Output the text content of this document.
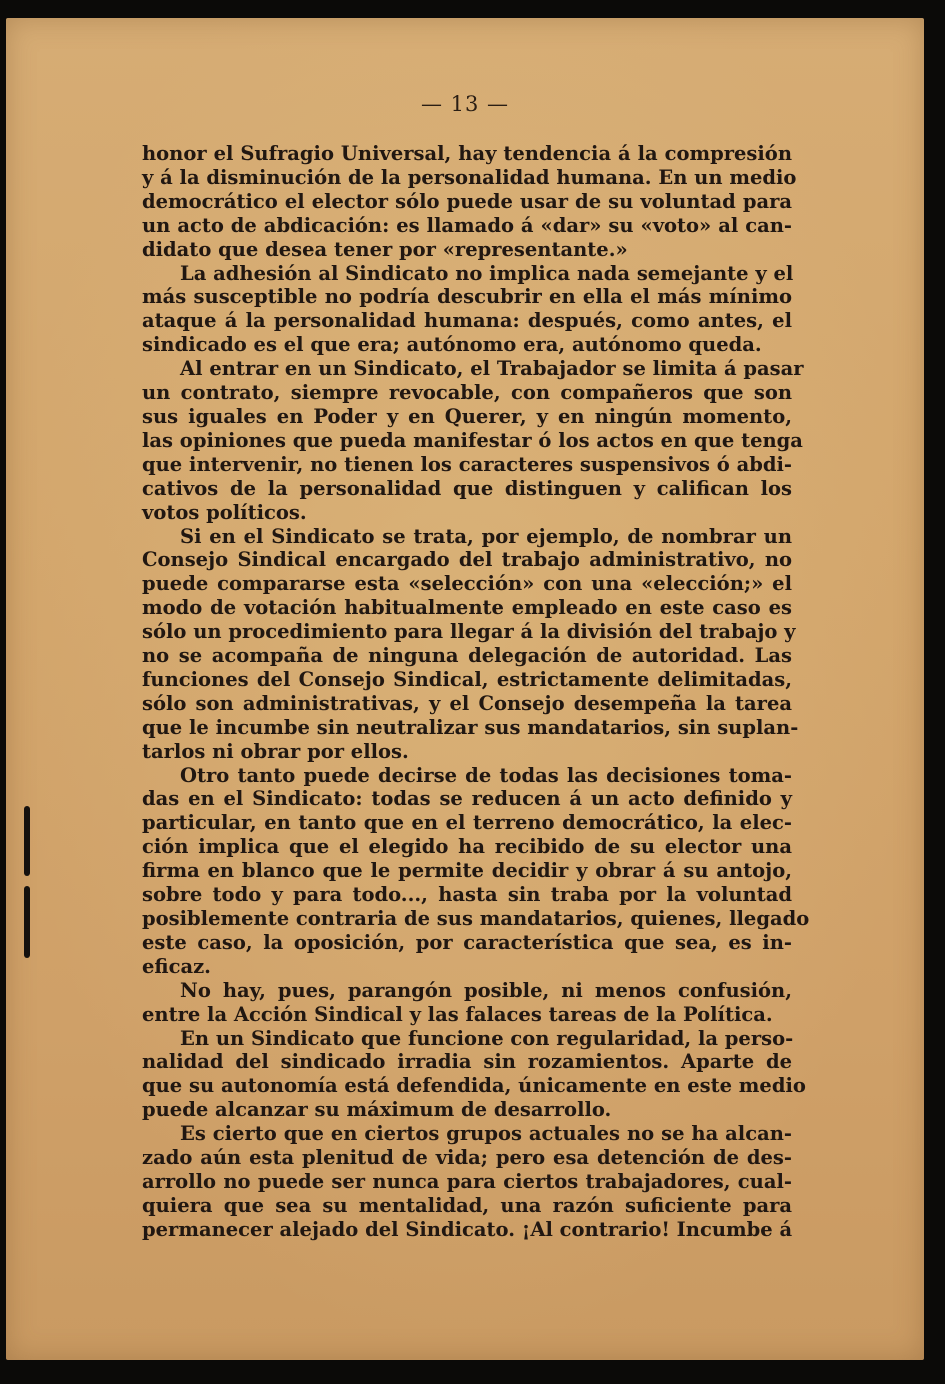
— 13 —
honor el Sufragio Universal, hay tendencia á la compresión
y á la disminución de la personalidad humana. En un medio
democrático el elector sólo puede usar de su voluntad para
un acto de abdicación: es llamado á «dar» su «voto» al can-
didato que desea tener por «representante.»
La adhesión al Sindicato no implica nada semejante y el
más susceptible no podría descubrir en ella el más mínimo
ataque á la personalidad humana: después, como antes, el
sindicado es el que era; autónomo era, autónomo queda.
Al entrar en un Sindicato, el Trabajador se limita á pasar
un contrato, siempre revocable, con compañeros que son
sus iguales en Poder y en Querer, y en ningún momento,
las opiniones que pueda manifestar ó los actos en que tenga
que intervenir, no tienen los caracteres suspensivos ó abdi-
cativos de la personalidad que distinguen y califican los
votos políticos.
Si en el Sindicato se trata, por ejemplo, de nombrar un
Consejo Sindical encargado del trabajo administrativo, no
puede compararse esta «selección» con una «elección;» el
modo de votación habitualmente empleado en este caso es
sólo un procedimiento para llegar á la división del trabajo y
no se acompaña de ninguna delegación de autoridad. Las
funciones del Consejo Sindical, estrictamente delimitadas,
sólo son administrativas, y el Consejo desempeña la tarea
que le incumbe sin neutralizar sus mandatarios, sin suplan-
tarlos ni obrar por ellos.
Otro tanto puede decirse de todas las decisiones toma-
das en el Sindicato: todas se reducen á un acto definido y
particular, en tanto que en el terreno democrático, la elec-
ción implica que el elegido ha recibido de su elector una
firma en blanco que le permite decidir y obrar á su antojo,
sobre todo y para todo..., hasta sin traba por la voluntad
posiblemente contraria de sus mandatarios, quienes, llegado
este caso, la oposición, por característica que sea, es in-
eficaz.
No hay, pues, parangón posible, ni menos confusión,
entre la Acción Sindical y las falaces tareas de la Política.
En un Sindicato que funcione con regularidad, la perso-
nalidad del sindicado irradia sin rozamientos. Aparte de
que su autonomía está defendida, únicamente en este medio
puede alcanzar su máximum de desarrollo.
Es cierto que en ciertos grupos actuales no se ha alcan-
zado aún esta plenitud de vida; pero esa detención de des-
arrollo no puede ser nunca para ciertos trabajadores, cual-
quiera que sea su mentalidad, una razón suficiente para
permanecer alejado del Sindicato. ¡Al contrario! Incumbe á
